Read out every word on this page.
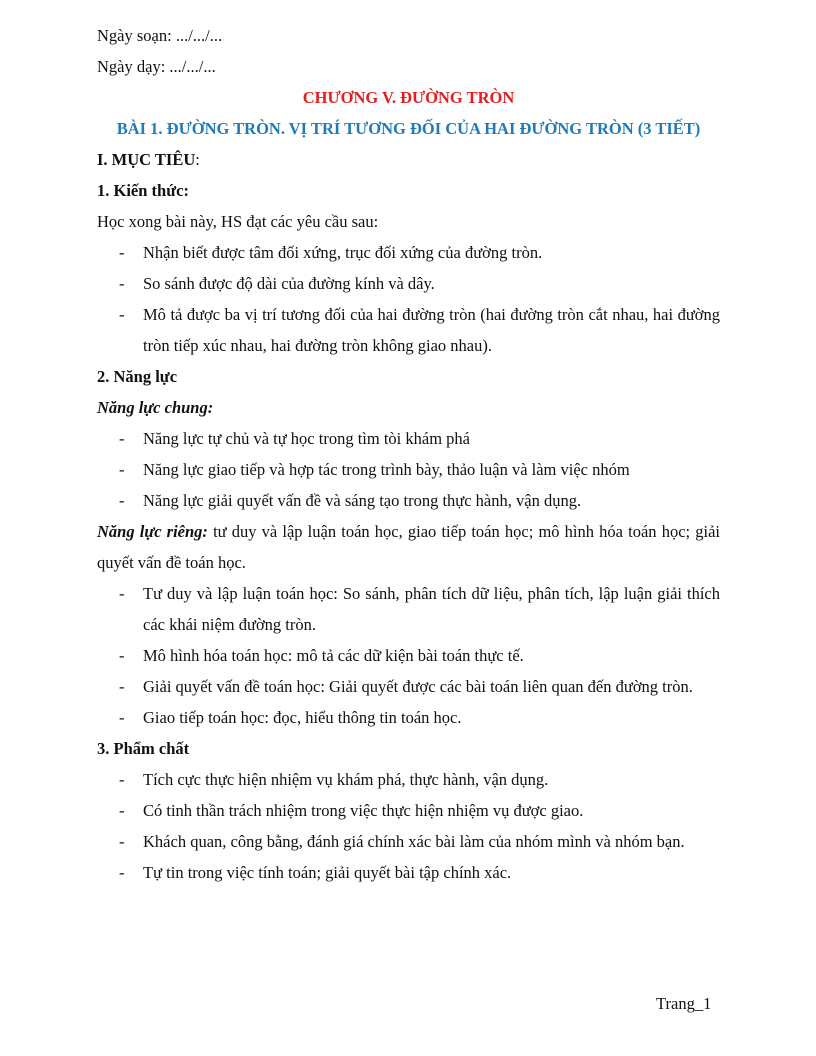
Ngày soạn: .../.../...

Ngày dạy: .../.../...

CHƯƠNG V. ĐƯỜNG TRÒN

BÀI 1. ĐƯỜNG TRÒN. VỊ TRÍ TƯƠNG ĐỐI CỦA HAI ĐƯỜNG TRÒN (3 TIẾT)

I. MỤC TIÊU:

1. Kiến thức:

Học xong bài này, HS đạt các yêu cầu sau:

- Nhận biết được tâm đối xứng, trục đối xứng của đường tròn.
- So sánh được độ dài của đường kính và dây.
- Mô tả được ba vị trí tương đối của hai đường tròn (hai đường tròn cắt nhau, hai đường tròn tiếp xúc nhau, hai đường tròn không giao nhau).

2. Năng lực

Năng lực chung:

- Năng lực tự chủ và tự học trong tìm tòi khám phá
- Năng lực giao tiếp và hợp tác trong trình bày, thảo luận và làm việc nhóm
- Năng lực giải quyết vấn đề và sáng tạo trong thực hành, vận dụng.

Năng lực riêng: tư duy và lập luận toán học, giao tiếp toán học; mô hình hóa toán học; giải quyết vấn đề toán học.

- Tư duy và lập luận toán học: So sánh, phân tích dữ liệu, phân tích, lập luận giải thích các khái niệm đường tròn.
- Mô hình hóa toán học: mô tả các dữ kiện bài toán thực tế.
- Giải quyết vấn đề toán học: Giải quyết được các bài toán liên quan đến đường tròn.
- Giao tiếp toán học: đọc, hiểu thông tin toán học.

3. Phẩm chất

- Tích cực thực hiện nhiệm vụ khám phá, thực hành, vận dụng.
- Có tinh thần trách nhiệm trong việc thực hiện nhiệm vụ được giao.
- Khách quan, công bằng, đánh giá chính xác bài làm của nhóm mình và nhóm bạn.
- Tự tin trong việc tính toán; giải quyết bài tập chính xác.
Trang_1
